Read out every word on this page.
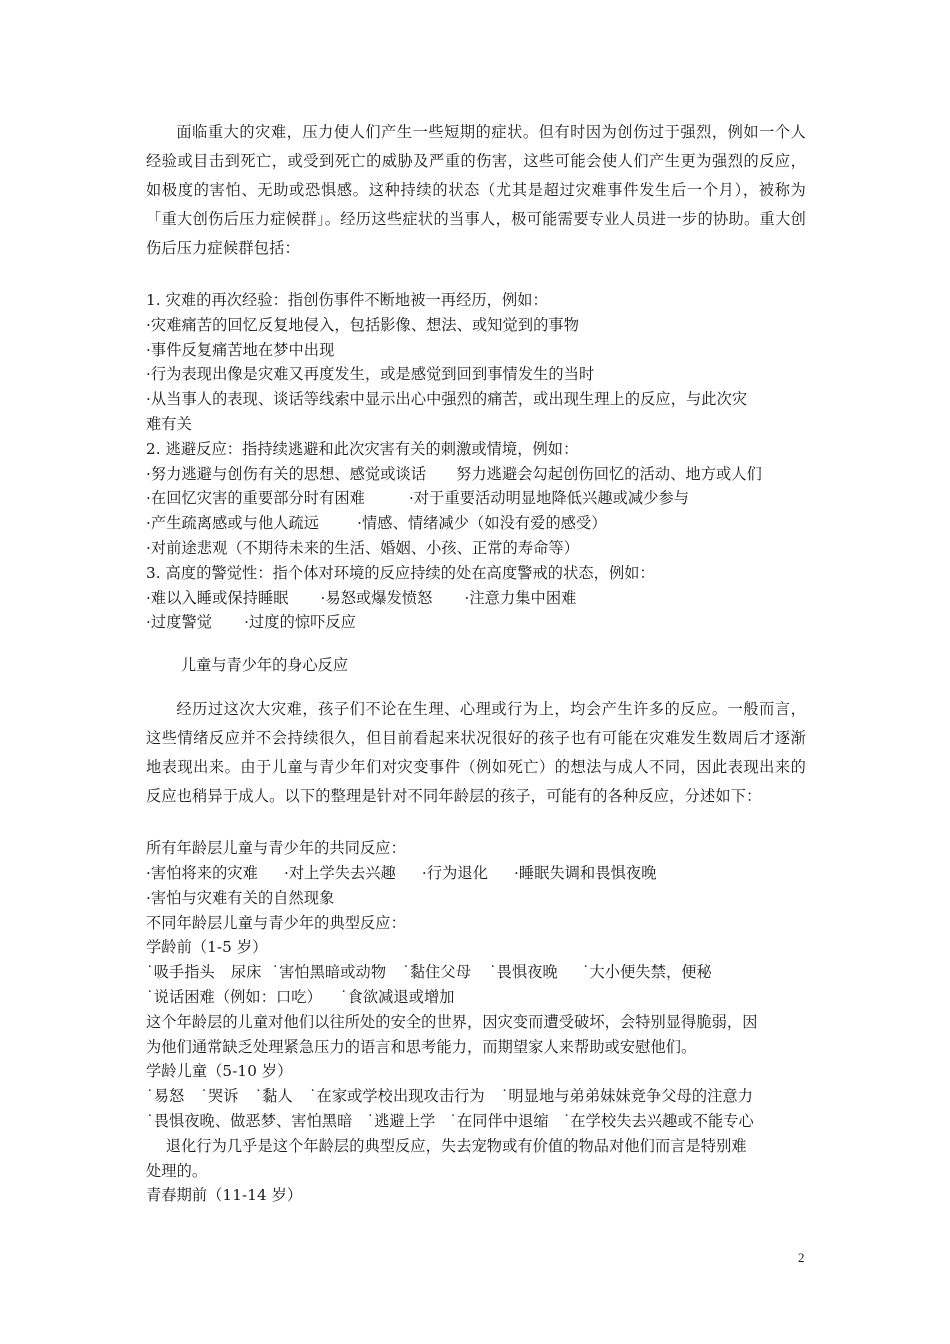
面临重大的灾难，压力使人们产生一些短期的症状。但有时因为创伤过于强烈，例如一个人经验或目击到死亡，或受到死亡的威胁及严重的伤害，这些可能会使人们产生更为强烈的反应，如极度的害怕、无助或恐惧感。这种持续的状态（尤其是超过灾难事件发生后一个月），被称为「重大创伤后压力症候群」。经历这些症状的当事人，极可能需要专业人员进一步的协助。重大创伤后压力症候群包括：

1. 灾难的再次经验：指创伤事件不断地被一再经历，例如：

·灾难痛苦的回忆反复地侵入，包括影像、想法、或知觉到的事物

·事件反复痛苦地在梦中出现

·行为表现出像是灾难又再度发生，或是感觉到回到事情发生的当时

·从当事人的表现、谈话等线索中显示出心中强烈的痛苦，或出现生理上的反应，与此次灾

难有关

2. 逃避反应：指持续逃避和此次灾害有关的刺激或情境，例如：

·努力逃避与创伤有关的思想、感觉或谈话 努力逃避会勾起创伤回忆的活动、地方或人们

·在回忆灾害的重要部分时有困难	·对于重要活动明显地降低兴趣或减少参与

·产生疏离感或与他人疏远	·情感、情绪减少（如没有爱的感受）

·对前途悲观（不期待未来的生活、婚姻、小孩、正常的寿命等）

3. 高度的警觉性：指个体对环境的反应持续的处在高度警戒的状态，例如：

·难以入睡或保持睡眠 ·易怒或爆发愤怒 ·注意力集中困难

·过度警觉 ·过度的惊吓反应

儿童与青少年的身心反应

经历过这次大灾难，孩子们不论在生理、心理或行为上，均会产生许多的反应。一般而言，这些情绪反应并不会持续很久，但目前看起来状况很好的孩子也有可能在灾难发生数周后才逐渐地表现出来。由于儿童与青少年们对灾变事件（例如死亡）的想法与成人不同，因此表现出来的反应也稍异于成人。以下的整理是针对不同年龄层的孩子，可能有的各种反应，分述如下：

所有年龄层儿童与青少年的共同反应：

·害怕将来的灾难 ·对上学失去兴趣 ·行为退化 ·睡眠失调和畏惧夜晚

·害怕与灾难有关的自然现象

不同年龄层儿童与青少年的典型反应：

学龄前（1-5 岁）

˙吸手指头 尿床 ˙害怕黑暗或动物 ˙黏住父母 ˙畏惧夜晚 ˙大小便失禁，便秘

˙说话困难（例如：口吃） ˙食欲减退或增加

这个年龄层的儿童对他们以往所处的安全的世界，因灾变而遭受破坏，会特别显得脆弱，因

为他们通常缺乏处理紧急压力的语言和思考能力，而期望家人来帮助或安慰他们。

学龄儿童（5-10 岁）

˙易怒 ˙哭诉 ˙黏人 ˙在家或学校出现攻击行为 ˙明显地与弟弟妹妹竞争父母的注意力

˙畏惧夜晚、做恶梦、害怕黑暗 ˙逃避上学 ˙在同伴中退缩 ˙在学校失去兴趣或不能专心

退化行为几乎是这个年龄层的典型反应，失去宠物或有价值的物品对他们而言是特别难

处理的。

青春期前（11-14 岁）

2
